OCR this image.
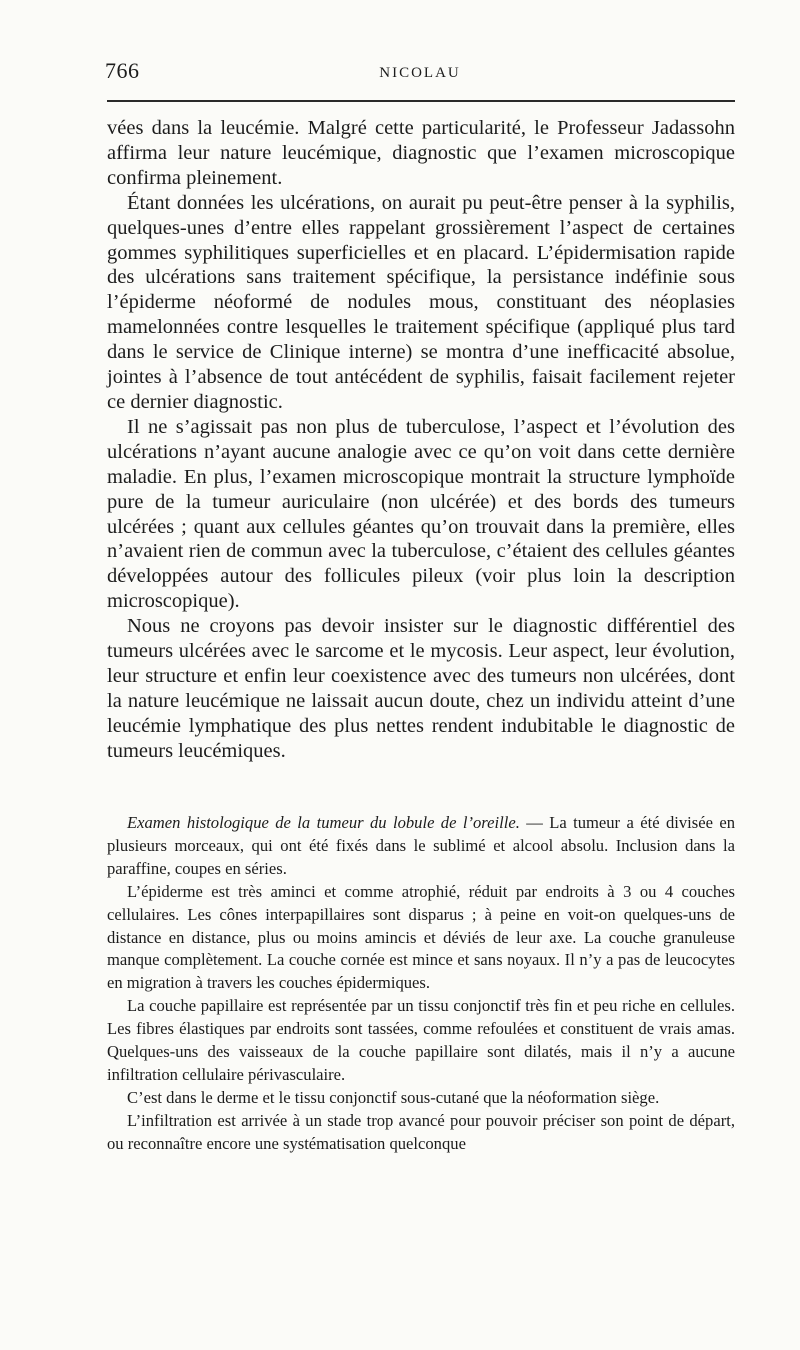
766	NICOLAU

vées dans la leucémie. Malgré cette particularité, le Professeur Jadassohn affirma leur nature leucémique, diagnostic que l’examen microscopique confirma pleinement.

Étant données les ulcérations, on aurait pu peut-être penser à la syphilis, quelques-unes d’entre elles rappelant grossièrement l’aspect de certaines gommes syphilitiques superficielles et en placard. L’épidermisation rapide des ulcérations sans traitement spécifique, la persistance indéfinie sous l’épiderme néoformé de nodules mous, constituant des néoplasies mamelonnées contre lesquelles le traitement spécifique (appliqué plus tard dans le service de Clinique interne) se montra d’une inefficacité absolue, jointes à l’absence de tout antécédent de syphilis, faisait facilement rejeter ce dernier diagnostic.

Il ne s’agissait pas non plus de tuberculose, l’aspect et l’évolution des ulcérations n’ayant aucune analogie avec ce qu’on voit dans cette dernière maladie. En plus, l’examen microscopique montrait la structure lymphoïde pure de la tumeur auriculaire (non ulcérée) et des bords des tumeurs ulcérées ; quant aux cellules géantes qu’on trouvait dans la première, elles n’avaient rien de commun avec la tuberculose, c’étaient des cellules géantes développées autour des follicules pileux (voir plus loin la description microscopique).

Nous ne croyons pas devoir insister sur le diagnostic différentiel des tumeurs ulcérées avec le sarcome et le mycosis. Leur aspect, leur évolution, leur structure et enfin leur coexistence avec des tumeurs non ulcérées, dont la nature leucémique ne laissait aucun doute, chez un individu atteint d’une leucémie lymphatique des plus nettes rendent indubitable le diagnostic de tumeurs leucémiques.

Examen histologique de la tumeur du lobule de l’oreille. — La tumeur a été divisée en plusieurs morceaux, qui ont été fixés dans le sublimé et alcool absolu. Inclusion dans la paraffine, coupes en séries.

L’épiderme est très aminci et comme atrophié, réduit par endroits à 3 ou 4 couches cellulaires. Les cônes interpapillaires sont disparus ; à peine en voit-on quelques-uns de distance en distance, plus ou moins amincis et déviés de leur axe. La couche granuleuse manque complètement. La couche cornée est mince et sans noyaux. Il n’y a pas de leucocytes en migration à travers les couches épidermiques.

La couche papillaire est représentée par un tissu conjonctif très fin et peu riche en cellules. Les fibres élastiques par endroits sont tassées, comme refoulées et constituent de vrais amas. Quelques-uns des vaisseaux de la couche papillaire sont dilatés, mais il n’y a aucune infiltration cellulaire périvasculaire.

C’est dans le derme et le tissu conjonctif sous-cutané que la néoformation siège.

L’infiltration est arrivée à un stade trop avancé pour pouvoir préciser son point de départ, ou reconnaître encore une systématisation quelconque
